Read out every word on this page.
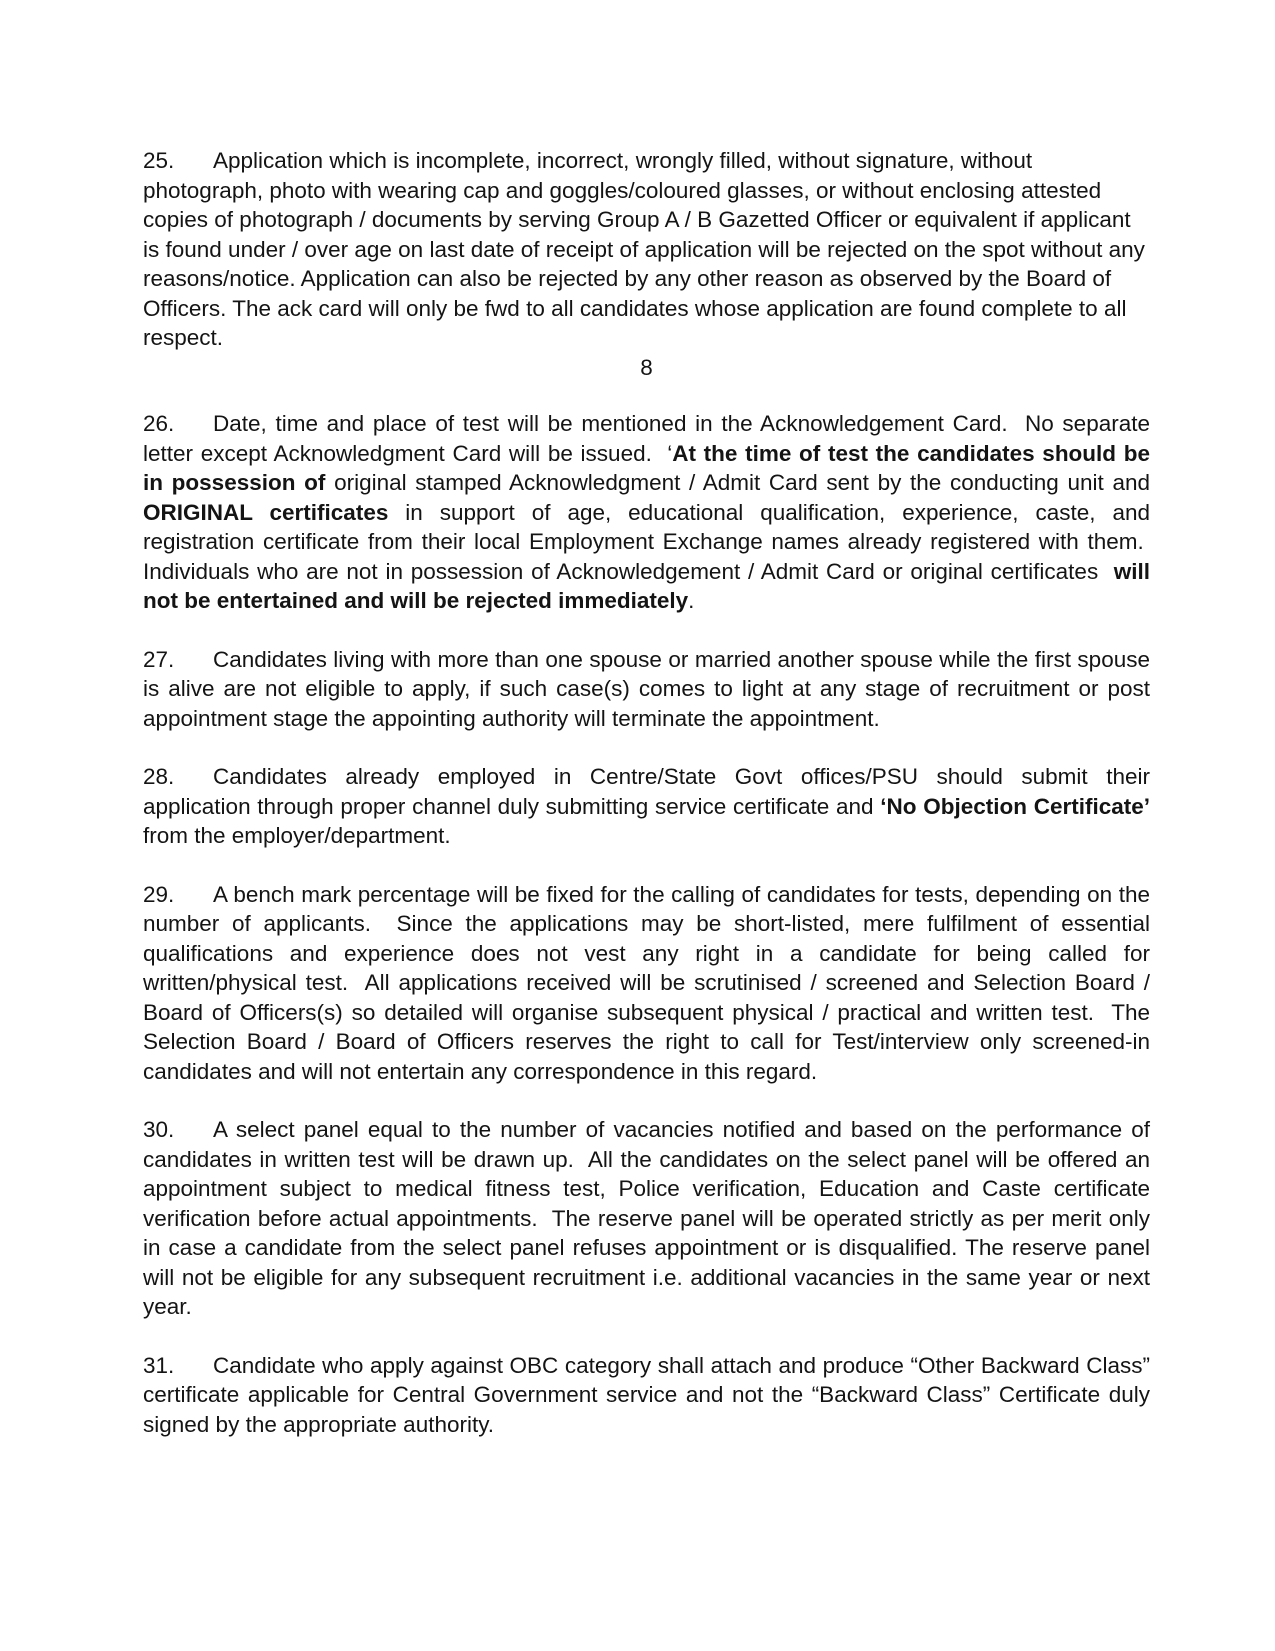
25. Application which is incomplete, incorrect, wrongly filled, without signature, without photograph, photo with wearing cap and goggles/coloured glasses, or without enclosing attested copies of photograph / documents by serving Group A / B Gazetted Officer or equivalent if applicant is found under / over age on last date of receipt of application will be rejected on the spot without any reasons/notice. Application can also be rejected by any other reason as observed by the Board of Officers. The ack card will only be fwd to all candidates whose application are found complete to all respect.

8

26. Date, time and place of test will be mentioned in the Acknowledgement Card.  No separate letter except Acknowledgment Card will be issued.  ‘At the time of test the candidates should be in possession of original stamped Acknowledgment / Admit Card sent by the conducting unit and ORIGINAL certificates in support of age, educational qualification, experience, caste, and registration certificate from their local Employment Exchange names already registered with them.  Individuals who are not in possession of Acknowledgement / Admit Card or original certificates  will not be entertained and will be rejected immediately.

27. Candidates living with more than one spouse or married another spouse while the first spouse is alive are not eligible to apply, if such case(s) comes to light at any stage of recruitment or post appointment stage the appointing authority will terminate the appointment.

28. Candidates already employed in Centre/State Govt offices/PSU should submit their application through proper channel duly submitting service certificate and ‘No Objection Certificate’ from the employer/department.

29. A bench mark percentage will be fixed for the calling of candidates for tests, depending on the number of applicants.  Since the applications may be short-listed, mere fulfilment of essential qualifications and experience does not vest any right in a candidate for being called for written/physical test.  All applications received will be scrutinised / screened and Selection Board / Board of Officers(s) so detailed will organise subsequent physical / practical and written test.  The Selection Board / Board of Officers reserves the right to call for Test/interview only screened-in candidates and will not entertain any correspondence in this regard.

30. A select panel equal to the number of vacancies notified and based on the performance of candidates in written test will be drawn up.  All the candidates on the select panel will be offered an appointment subject to medical fitness test, Police verification, Education and Caste certificate verification before actual appointments.  The reserve panel will be operated strictly as per merit only in case a candidate from the select panel refuses appointment or is disqualified. The reserve panel will not be eligible for any subsequent recruitment i.e. additional vacancies in the same year or next year.

31. Candidate who apply against OBC category shall attach and produce “Other Backward Class” certificate applicable for Central Government service and not the “Backward Class” Certificate duly signed by the appropriate authority.
